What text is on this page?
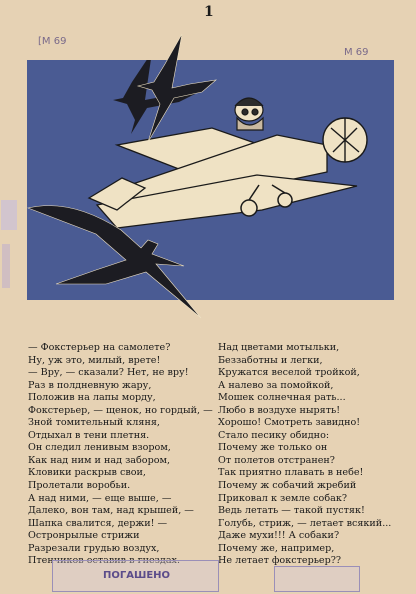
1
[M 69
M 69
— Фокстерьер на самолете?
Ну, уж это, милый, врете!
— Вру, — сказали? Нет, не вру!
Раз в полдневную жару,
Положив на лапы морду,
Фокстерьер, — щенок, но гордый, —
Зной томительный кляня,
Отдыхал в тени плетня.
Он следил ленивым взором,
Как над ним и над забором,
Кловики раскрыв свои,
Пролетали воробьи.
А над ними, — еще выше, —
Далеко, вон там, над крышей, —
Шапка свалится, держи! —
Остронрылые стрижи
Разрезали грудью воздух,
Птенчиков оставив в гнездах.
Над цветами мотыльки,
Беззаботны и легки,
Кружатся веселой тройкой,
А налево за помойкой,
Мошек солнечная рать...
Любо в воздухе нырять!
Хорошо! Смотреть завидно!
Стало песику обидно:
Почему же только он
От полетов отстранен?
Так приятно плавать в небе!
Почему ж собачий жребий
Приковал к земле собак?
Ведь летать — такой пустяк!
Голубь, стриж, — летает всякий...
Даже мухи!!! А собаки?
Почему же, например,
Не летает фокстерьер??
ПОГАШЕНО
